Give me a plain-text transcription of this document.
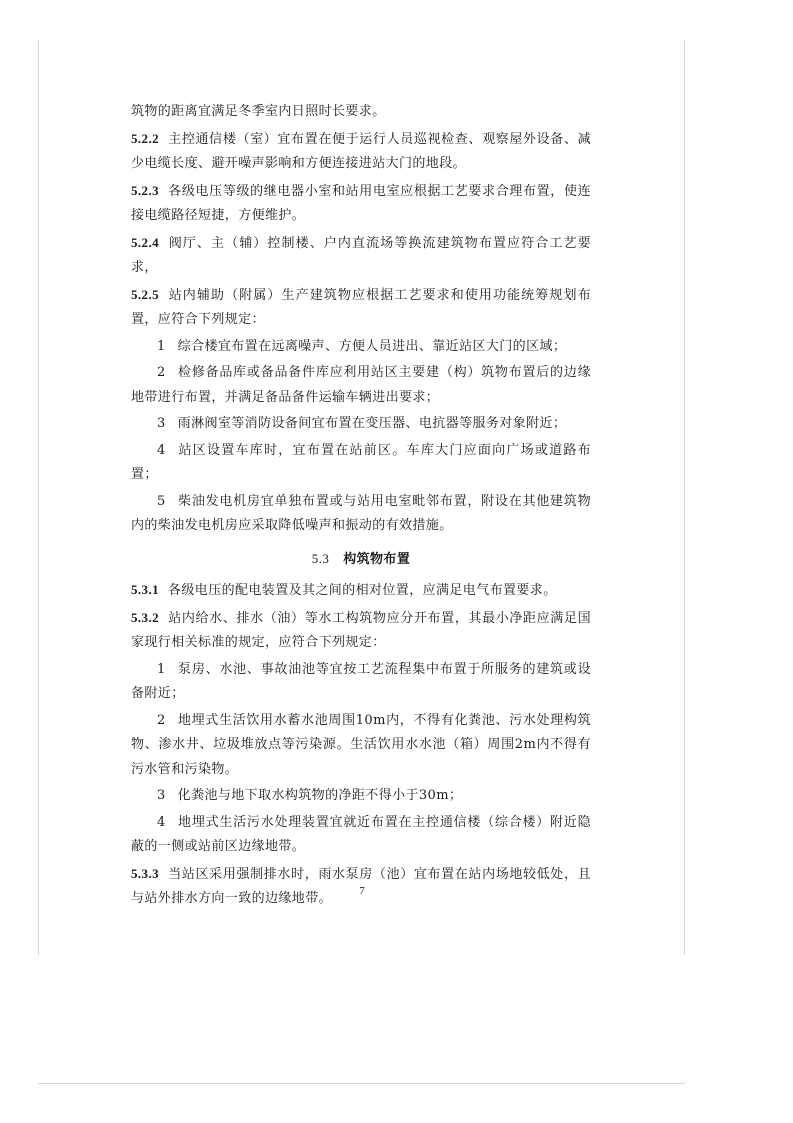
筑物的距离宜满足冬季室内日照时长要求。

5.2.2 主控通信楼（室）宜布置在便于运行人员巡视检查、观察屋外设备、减少电缆长度、避开噪声影响和方便连接进站大门的地段。

5.2.3 各级电压等级的继电器小室和站用电室应根据工艺要求合理布置，使连接电缆路径短捷，方便维护。

5.2.4 阀厅、主（辅）控制楼、户内直流场等换流建筑物布置应符合工艺要求，

5.2.5 站内辅助（附属）生产建筑物应根据工艺要求和使用功能统筹规划布置，应符合下列规定：

1 综合楼宜布置在远离噪声、方便人员进出、靠近站区大门的区域；

2 检修备品库或备品备件库应利用站区主要建（构）筑物布置后的边缘地带进行布置，并满足备品备件运输车辆进出要求；

3 雨淋阀室等消防设备间宜布置在变压器、电抗器等服务对象附近；

4 站区设置车库时，宜布置在站前区。车库大门应面向广场或道路布置；

5 柴油发电机房宜单独布置或与站用电室毗邻布置，附设在其他建筑物内的柴油发电机房应采取降低噪声和振动的有效措施。

5.3 构筑物布置

5.3.1 各级电压的配电装置及其之间的相对位置，应满足电气布置要求。

5.3.2 站内给水、排水（油）等水工构筑物应分开布置，其最小净距应满足国家现行相关标准的规定，应符合下列规定：

1 泵房、水池、事故油池等宜按工艺流程集中布置于所服务的建筑或设备附近；

2 地埋式生活饮用水蓄水池周围10m内，不得有化粪池、污水处理构筑物、渗水井、垃圾堆放点等污染源。生活饮用水水池（箱）周围2m内不得有污水管和污染物。

3 化粪池与地下取水构筑物的净距不得小于30m；

4 地埋式生活污水处理装置宜就近布置在主控通信楼（综合楼）附近隐蔽的一侧或站前区边缘地带。

5.3.3 当站区采用强制排水时，雨水泵房（池）宜布置在站内场地较低处，且与站外排水方向一致的边缘地带。	7
